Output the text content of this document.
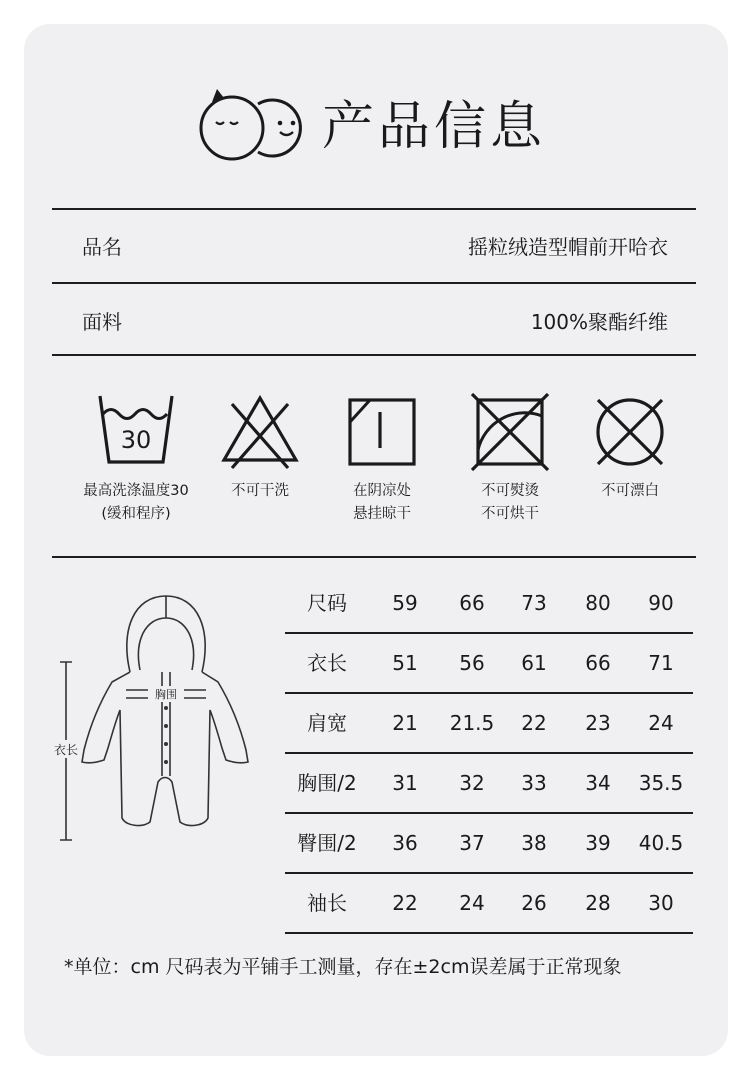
产品信息
品名	摇粒绒造型帽前开哈衣
面料	100%聚酯纤维
30
最高洗涤温度30
(缓和程序)
不可干洗	在阴凉处
悬挂晾干
不可熨烫
不可烘干
不可漂白
衣长
胸围
尺码	59	66	73	80	90
衣长	51	56	61	66	71
肩宽	21	21.5	22	23	24
胸围/2	31	32	33	34	35.5
臀围/2	36	37	38	39	40.5
袖长	22	24	26	28	30
*单位：cm 尺码表为平铺手工测量，存在±2cm误差属于正常现象
